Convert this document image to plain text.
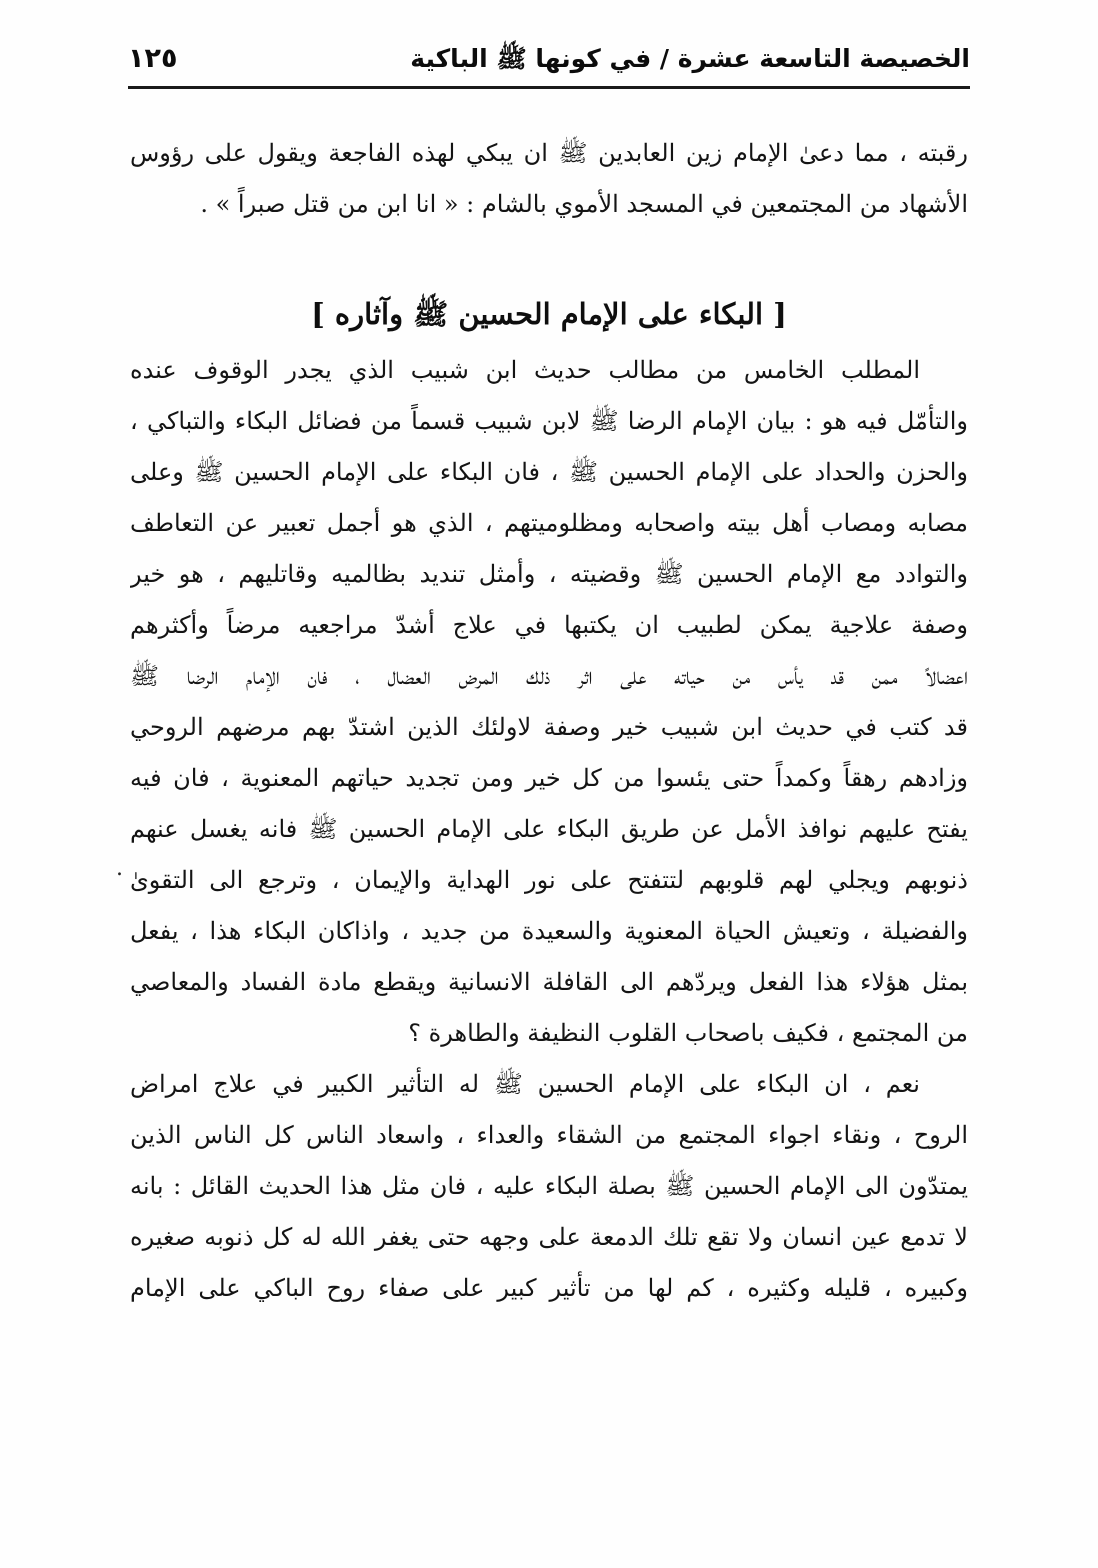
الخصيصة التاسعة عشرة / في كونها ﷺ الباكية
١٢٥
رقبته ، مما دعىٰ الإمام زين العابدين ﷺ ان يبكي لهذه الفاجعة ويقول على رؤوس
الأشهاد من المجتمعين في المسجد الأموي بالشام : « انا ابن من قتل صبراً » .
[ البكاء على الإمام الحسين ﷺ وآثاره ]
المطلب الخامس من مطالب حديث ابن شبيب الذي يجدر الوقوف عنده
والتأمّل فيه هو : بيان الإمام الرضا ﷺ لابن شبيب قسماً من فضائل البكاء والتباكي ،
والحزن والحداد على الإمام الحسين ﷺ ، فان البكاء على الإمام الحسين ﷺ وعلى
مصابه ومصاب أهل بيته واصحابه ومظلوميتهم ، الذي هو أجمل تعبير عن التعاطف
والتوادد مع الإمام الحسين ﷺ وقضيته ، وأمثل تنديد بظالميه وقاتليهم ، هو خير
وصفة علاجية يمكن لطبيب ان يكتبها في علاج أشدّ مراجعيه مرضاً وأكثرهم
اعضالاً ممن قد يأس من حياته على اثر ذلك المرض العضال ، فان الإمام الرضا ﷺ
قد كتب في حديث ابن شبيب خير وصفة لاولئك الذين اشتدّ بهم مرضهم الروحي
وزادهم رهقاً وكمداً حتى يئسوا من كل خير ومن تجديد حياتهم المعنوية ، فان فيه
يفتح عليهم نوافذ الأمل عن طريق البكاء على الإمام الحسين ﷺ فانه يغسل عنهم
ذنوبهم ويجلي لهم قلوبهم لتتفتح على نور الهداية والإيمان ، وترجع الى التقوىٰ
والفضيلة ، وتعيش الحياة المعنوية والسعيدة من جديد ، واذاكان البكاء هذا ، يفعل
بمثل هؤلاء هذا الفعل ويردّهم الى القافلة الانسانية ويقطع مادة الفساد والمعاصي
من المجتمع ، فكيف باصحاب القلوب النظيفة والطاهرة ؟
نعم ، ان البكاء على الإمام الحسين ﷺ له التأثير الكبير في علاج امراض
الروح ، ونقاء اجواء المجتمع من الشقاء والعداء ، واسعاد الناس كل الناس الذين
يمتدّون الى الإمام الحسين ﷺ بصلة البكاء عليه ، فان مثل هذا الحديث القائل : بانه
لا تدمع عين انسان ولا تقع تلك الدمعة على وجهه حتى يغفر الله له كل ذنوبه صغيره
وكبيره ، قليله وكثيره ، كم لها من تأثير كبير على صفاء روح الباكي على الإمام
.
